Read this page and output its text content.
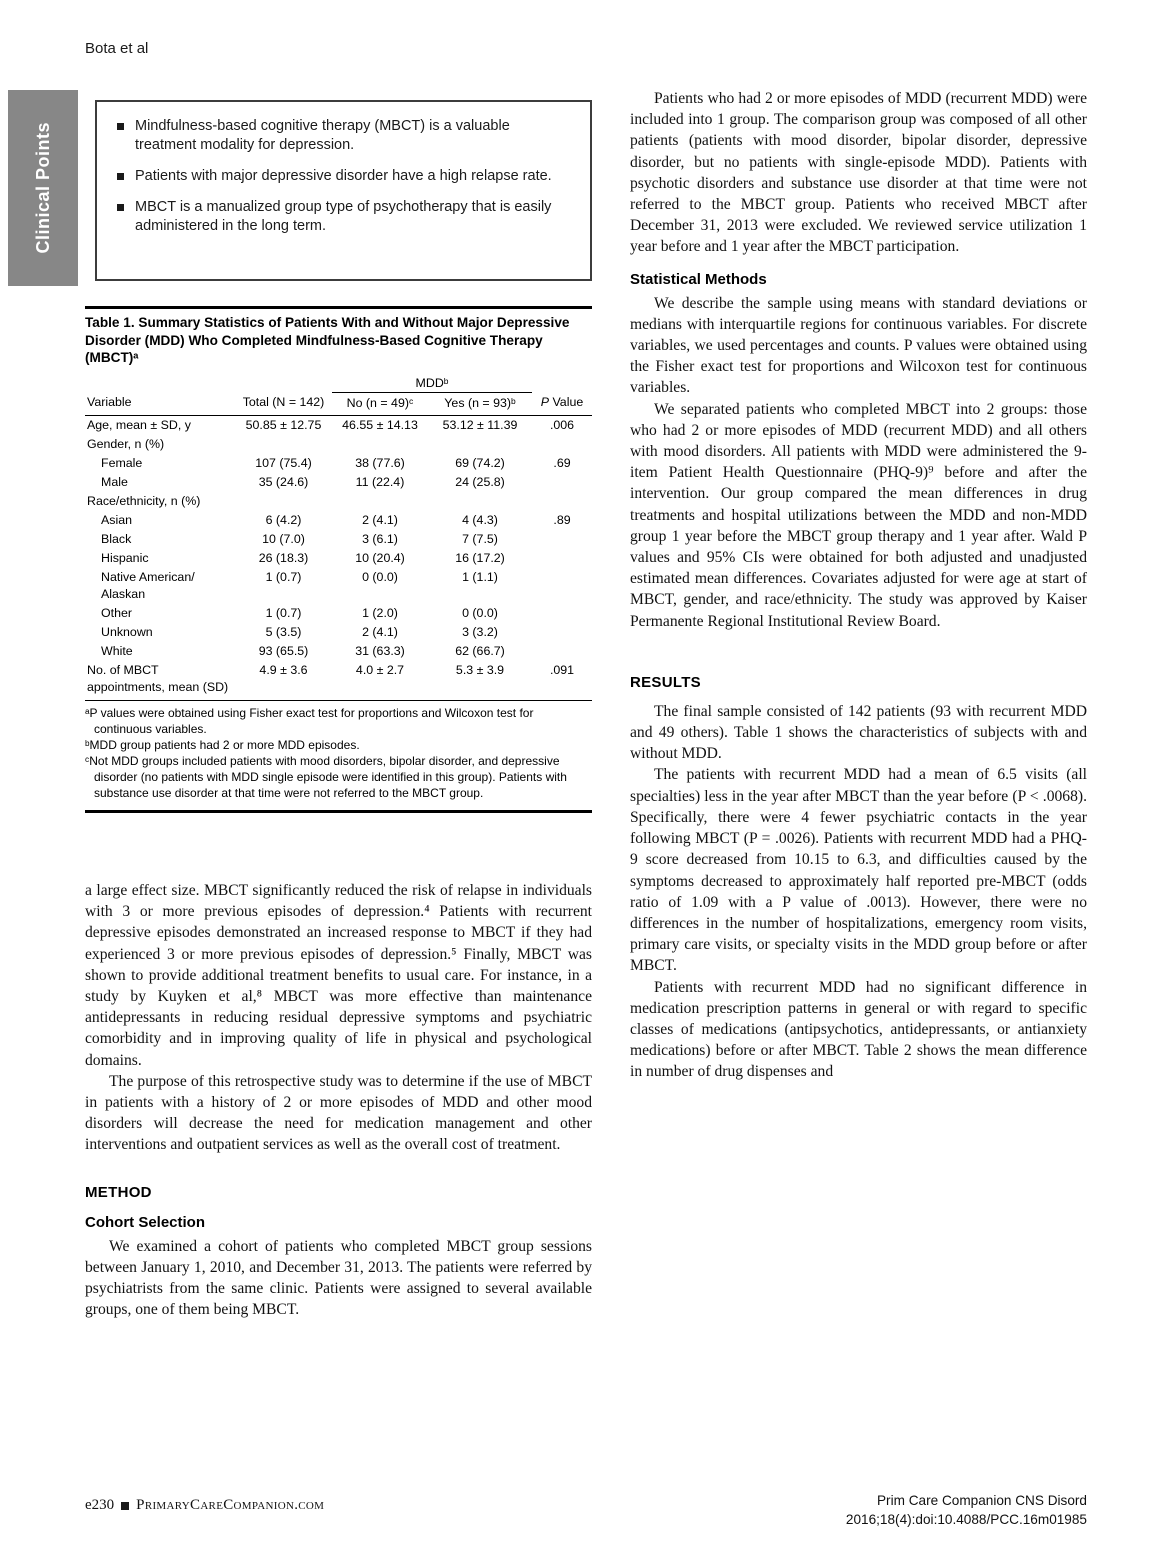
Bota et al
Clinical Points	Mindfulness-based cognitive therapy (MBCT) is a valuable treatment modality for depression.
Patients with major depressive disorder have a high relapse rate.
MBCT is a manualized group type of psychotherapy that is easily administered in the long term.
Table 1. Summary Statistics of Patients With and Without Major Depressive Disorder (MDD) Who Completed Mindfulness-Based Cognitive Therapy (MBCT)ᵃ
		MDDᵇ		
Variable	Total (N = 142)	No (n = 49)ᶜ	Yes (n = 93)ᵇ	P Value
Age, mean ± SD, y	50.85 ± 12.75	46.55 ± 14.13	53.12 ± 11.39	.006
Gender, n (%)				
Female	107 (75.4)	38 (77.6)	69 (74.2)	.69
Male	35 (24.6)	11 (22.4)	24 (25.8)	
Race/ethnicity, n (%)				
Asian	6 (4.2)	2 (4.1)	4 (4.3)	.89
Black	10 (7.0)	3 (6.1)	7 (7.5)	
Hispanic	26 (18.3)	10 (20.4)	16 (17.2)	
Native American/ Alaskan	1 (0.7)	0 (0.0)	1 (1.1)	
Other	1 (0.7)	1 (2.0)	0 (0.0)	
Unknown	5 (3.5)	2 (4.1)	3 (3.2)	
White	93 (65.5)	31 (63.3)	62 (66.7)	
No. of MBCT appointments, mean (SD)	4.9 ± 3.6	4.0 ± 2.7	5.3 ± 3.9	.091
ᵃP values were obtained using Fisher exact test for proportions and Wilcoxon test for continuous variables.
ᵇMDD group patients had 2 or more MDD episodes.
ᶜNot MDD groups included patients with mood disorders, bipolar disorder, and depressive disorder (no patients with MDD single episode were identified in this group). Patients with substance use disorder at that time were not referred to the MBCT group.

a large effect size. MBCT significantly reduced the risk of relapse in individuals with 3 or more previous episodes of depression.⁴ Patients with recurrent depressive episodes demonstrated an increased response to MBCT if they had experienced 3 or more previous episodes of depression.⁵ Finally, MBCT was shown to provide additional treatment benefits to usual care. For instance, in a study by Kuyken et al,⁸ MBCT was more effective than maintenance antidepressants in reducing residual depressive symptoms and psychiatric comorbidity and in improving quality of life in physical and psychological domains.

The purpose of this retrospective study was to determine if the use of MBCT in patients with a history of 2 or more episodes of MDD and other mood disorders will decrease the need for medication management and other interventions and outpatient services as well as the overall cost of treatment.

METHOD
Cohort Selection

We examined a cohort of patients who completed MBCT group sessions between January 1, 2010, and December 31, 2013. The patients were referred by psychiatrists from the same clinic. Patients were assigned to several available groups, one of them being MBCT.

Patients who had 2 or more episodes of MDD (recurrent MDD) were included into 1 group. The comparison group was composed of all other patients (patients with mood disorder, bipolar disorder, depressive disorder, but no patients with single-episode MDD). Patients with psychotic disorders and substance use disorder at that time were not referred to the MBCT group. Patients who received MBCT after December 31, 2013 were excluded. We reviewed service utilization 1 year before and 1 year after the MBCT participation.

Statistical Methods

We describe the sample using means with standard deviations or medians with interquartile regions for continuous variables. For discrete variables, we used percentages and counts. P values were obtained using the Fisher exact test for proportions and Wilcoxon test for continuous variables.

We separated patients who completed MBCT into 2 groups: those who had 2 or more episodes of MDD (recurrent MDD) and all others with mood disorders. All patients with MDD were administered the 9-item Patient Health Questionnaire (PHQ-9)⁹ before and after the intervention. Our group compared the mean differences in drug treatments and hospital utilizations between the MDD and non-MDD group 1 year before the MBCT group therapy and 1 year after. Wald P values and 95% CIs were obtained for both adjusted and unadjusted estimated mean differences. Covariates adjusted for were age at start of MBCT, gender, and race/ethnicity. The study was approved by Kaiser Permanente Regional Institutional Review Board.

RESULTS

The final sample consisted of 142 patients (93 with recurrent MDD and 49 others). Table 1 shows the characteristics of subjects with and without MDD.

The patients with recurrent MDD had a mean of 6.5 visits (all specialties) less in the year after MBCT than the year before (P < .0068). Specifically, there were 4 fewer psychiatric contacts in the year following MBCT (P = .0026). Patients with recurrent MDD had a PHQ-9 score decreased from 10.15 to 6.3, and difficulties caused by the symptoms decreased to approximately half reported pre-MBCT (odds ratio of 1.09 with a P value of .0013). However, there were no differences in the number of hospitalizations, emergency room visits, primary care visits, or specialty visits in the MDD group before or after MBCT.

Patients with recurrent MDD had no significant difference in medication prescription patterns in general or with regard to specific classes of medications (antipsychotics, antidepressants, or antianxiety medications) before or after MBCT. Table 2 shows the mean difference in number of drug dispenses and

e230 PrimaryCareCompanion.com	Prim Care Companion CNS Disord
2016;18(4):doi:10.4088/PCC.16m01985
